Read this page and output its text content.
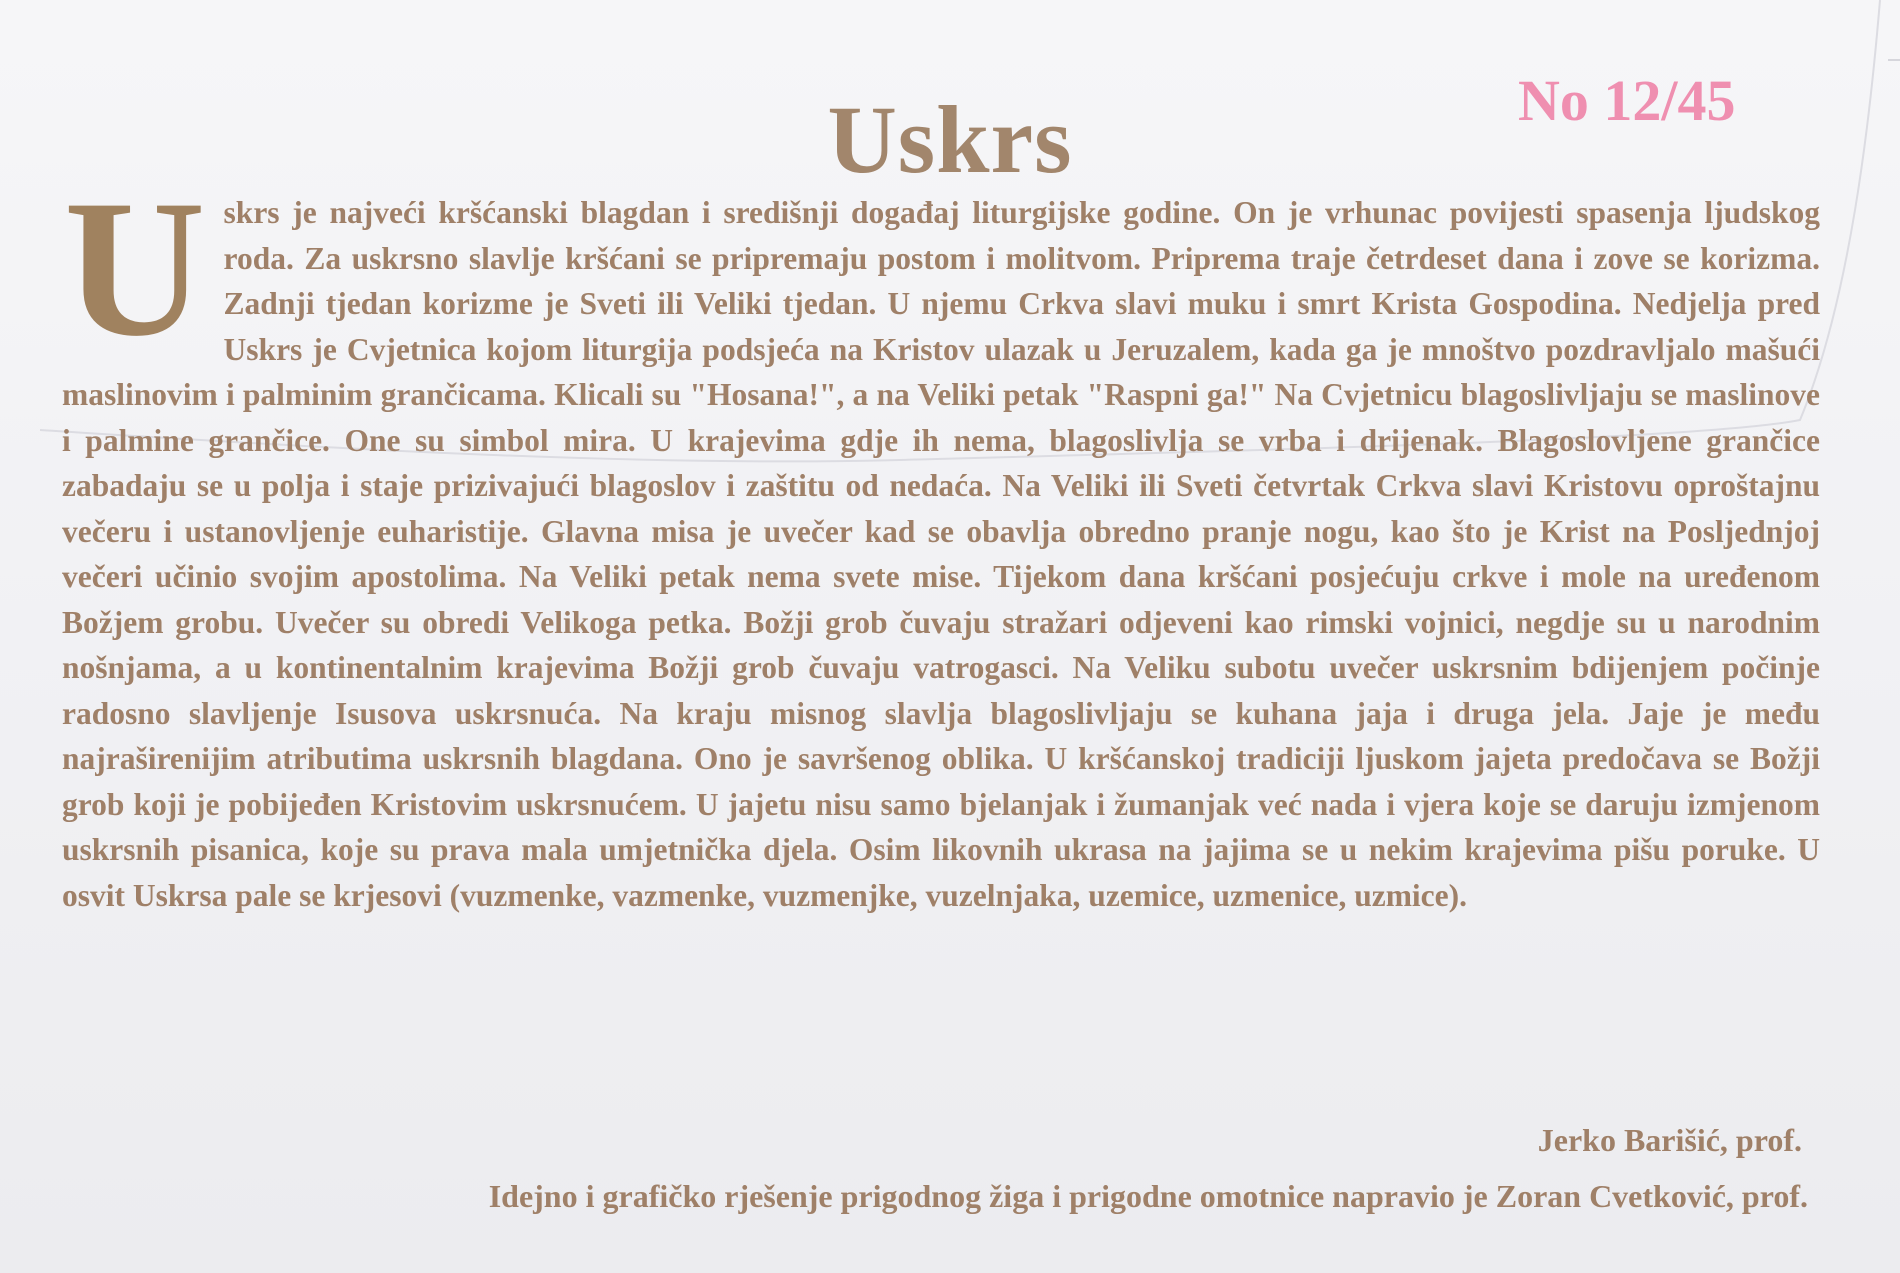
Uskrs	No 12/45
U skrs je najveći kršćanski blagdan i središnji događaj liturgijske godine. On je vrhunac povijesti spasenja ljudskog roda. Za uskrsno slavlje kršćani se pripremaju postom i molitvom. Priprema traje četrdeset dana i zove se korizma. Zadnji tjedan korizme je Sveti ili Veliki tjedan. U njemu Crkva slavi muku i smrt Krista Gospodina. Nedjelja pred Uskrs je Cvjetnica kojom liturgija podsjeća na Kristov ulazak u Jeruzalem, kada ga je mnoštvo pozdravljalo mašući maslinovim i palminim grančicama. Klicali su "Hosana!", a na Veliki petak "Raspni ga!" Na Cvjetnicu blagoslivljaju se maslinove i palmine grančice. One su simbol mira. U krajevima gdje ih nema, blagoslivlja se vrba i drijenak. Blagoslovljene grančice zabadaju se u polja i staje prizivajući blagoslov i zaštitu od nedaća. Na Veliki ili Sveti četvrtak Crkva slavi Kristovu oproštajnu večeru i ustanovljenje euharistije. Glavna misa je uvečer kad se obavlja obredno pranje nogu, kao što je Krist na Posljednjoj večeri učinio svojim apostolima. Na Veliki petak nema svete mise. Tijekom dana kršćani posjećuju crkve i mole na uređenom Božjem grobu. Uvečer su obredi Velikoga petka. Božji grob čuvaju stražari odjeveni kao rimski vojnici, negdje su u narodnim nošnjama, a u kontinentalnim krajevima Božji grob čuvaju vatrogasci. Na Veliku subotu uvečer uskrsnim bdijenjem počinje radosno slavljenje Isusova uskrsnuća. Na kraju misnog slavlja blagoslivljaju se kuhana jaja i druga jela. Jaje je među najraširenijim atributima uskrsnih blagdana. Ono je savršenog oblika. U kršćanskoj tradiciji ljuskom jajeta predočava se Božji grob koji je pobijeđen Kristovim uskrsnućem. U jajetu nisu samo bjelanjak i žumanjak već nada i vjera koje se daruju izmjenom uskrsnih pisanica, koje su prava mala umjetnička djela. Osim likovnih ukrasa na jajima se u nekim krajevima pišu poruke. U osvit Uskrsa pale se krjesovi (vuzmenke, vazmenke, vuzmenjke, vuzelnjaka, uzemice, uzmenice, uzmice).
Jerko Barišić, prof.
Idejno i grafičko rješenje prigodnog žiga i prigodne omotnice napravio je Zoran Cvetković, prof.
